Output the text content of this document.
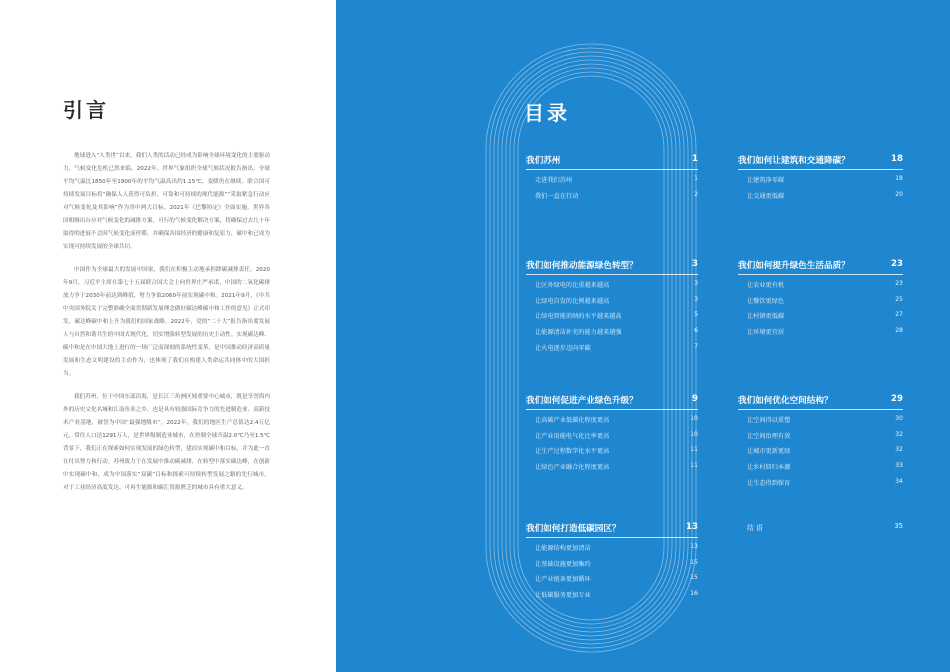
引言

地球进入“人类世”以来，我们人类的活动已经成为影响全球环境变化的主要驱动力，气候变化危机已然来临。2022年，世界气象组织全球气候状况报告指出，全球平均气温比1850年至1900年的平均气温高出约1.15℃，变暖仍在继续。联合国可持续发展目标将“确保人人获得可负担、可靠和可持续的现代能源”“采取紧急行动应对气候变化及其影响”作为其中两大目标。2021年《巴黎协定》全面实施，世界各国相继出台应对气候变化的减排方案，可行的气候变化解决方案，将确保过去几十年取得的进展不会因气候变化而停滞，并确保各国经济的健康和复原力，碳中和已成为实现可持续发展的全球共识。

中国作为全球最大的发展中国家，我们在积极主动地承担降碳减排责任。2020年9月，习近平主席在第七十五届联合国大会上向世界庄严承诺，中国的二氧化碳排放力争于2030年前达到峰值，努力争取2060年前实现碳中和。2021年9月，《中共中央国务院关于完整准确全面贯彻新发展理念做好碳达峰碳中和工作的意见》正式印发，碳达峰碳中和上升为我们的国家战略。2022年，党的“二十大”报告指出要发展人与自然和谐共生的中国式现代化，切实增强转型发展的历史主动性。实现碳达峰、碳中和是在中国大地上进行的一场广泛而深刻的系统性变革，是中国推动经济高质量发展和生态文明建设的主动作为，也体现了我们在构建人类命运共同体中的大国担当。

我们苏州，位于中国东部沿海，是长江三角洲区域重要中心城市，既是享誉海内外的历史文化名城和江南鱼米之乡，也是具有较强国际竞争力的先进制造业、高新技术产业基地，被誉为中国“最强地级市”。2022年，我们的地区生产总值达2.4万亿元，常住人口达1291万人，是世界级制造业城市，在控制全球升温2.0℃乃至1.5℃背景下，我们正在探索如何实现发展的绿色转型，建而实现碳中和目标，并为此一直在付出努力和行动。苏州致力于在发展中推动碳减排、在转型中落实碳达峰，在创新中实现碳中和，成为中国落实“双碳”目标和探索可持续转型发展之路的先行城市，对于工业经济高度发达、可再生能源和碳汇资源匮乏的城市具有重大意义。

目录
我们苏州	1
走进我们苏州	1
我们一直在行动	2
我们如何让建筑和交通降碳？	18
让建筑净零碳	18
让交通更低碳	20
我们如何推动能源绿色转型？	3
让区外绿电的比重越来越高	3
让绿电自发的比例越来越高	3
让绿电智能消纳的水平越来越高	5
让能源清洁补充的能力越来越强	6
让火电逐步迈向零碳	7
我们如何提升绿色生活品质？	23
让农业更有机	23
让餐饮更绿色	25
让村镇更低碳	27
让环境更宜居	28
我们如何促进产业绿色升级？	9
让高碳产业低碳化程度更高	10
让产业用能电气化比率更高	10
让生产过程数字化水平更高	11
让绿色产业融合化程度更高	11
我们如何优化空间结构？	29
让空间得以重塑	30
让空间治理有效	32
让城市更新更绿	32
让乡村回归本源	33
让生态得到保育	34
我们如何打造低碳园区？	13
让能源结构更加清洁	13
让基础设施更加集约	15
让产业链条更加循环	15
让低碳服务更加专业	16
结 语	35
